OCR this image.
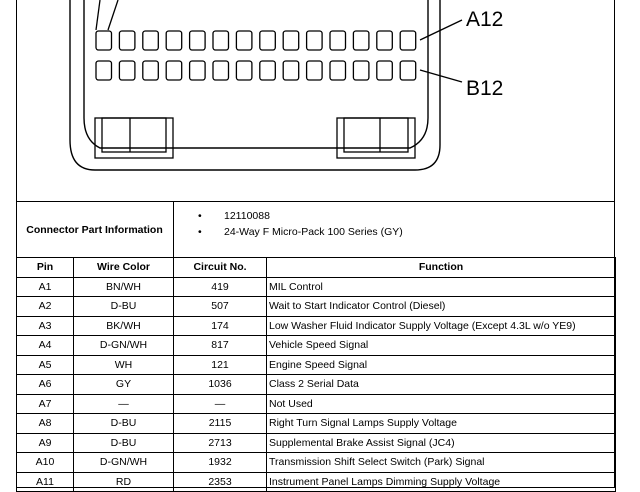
A12
B12
Connector Part Information
• 12110088
• 24-Way F Micro-Pack 100 Series (GY)
Pin	Wire Color	Circuit No.	Function
A1	BN/WH	419	MIL Control
A2	D-BU	507	Wait to Start Indicator Control (Diesel)
A3	BK/WH	174	Low Washer Fluid Indicator Supply Voltage (Except 4.3L w/o YE9)
A4	D-GN/WH	817	Vehicle Speed Signal
A5	WH	121	Engine Speed Signal
A6	GY	1036	Class 2 Serial Data
A7	—	—	Not Used
A8	D-BU	2115	Right Turn Signal Lamps Supply Voltage
A9	D-BU	2713	Supplemental Brake Assist Signal (JC4)
A10	D-GN/WH	1932	Transmission Shift Select Switch (Park) Signal
A11	RD	2353	Instrument Panel Lamps Dimming Supply Voltage
